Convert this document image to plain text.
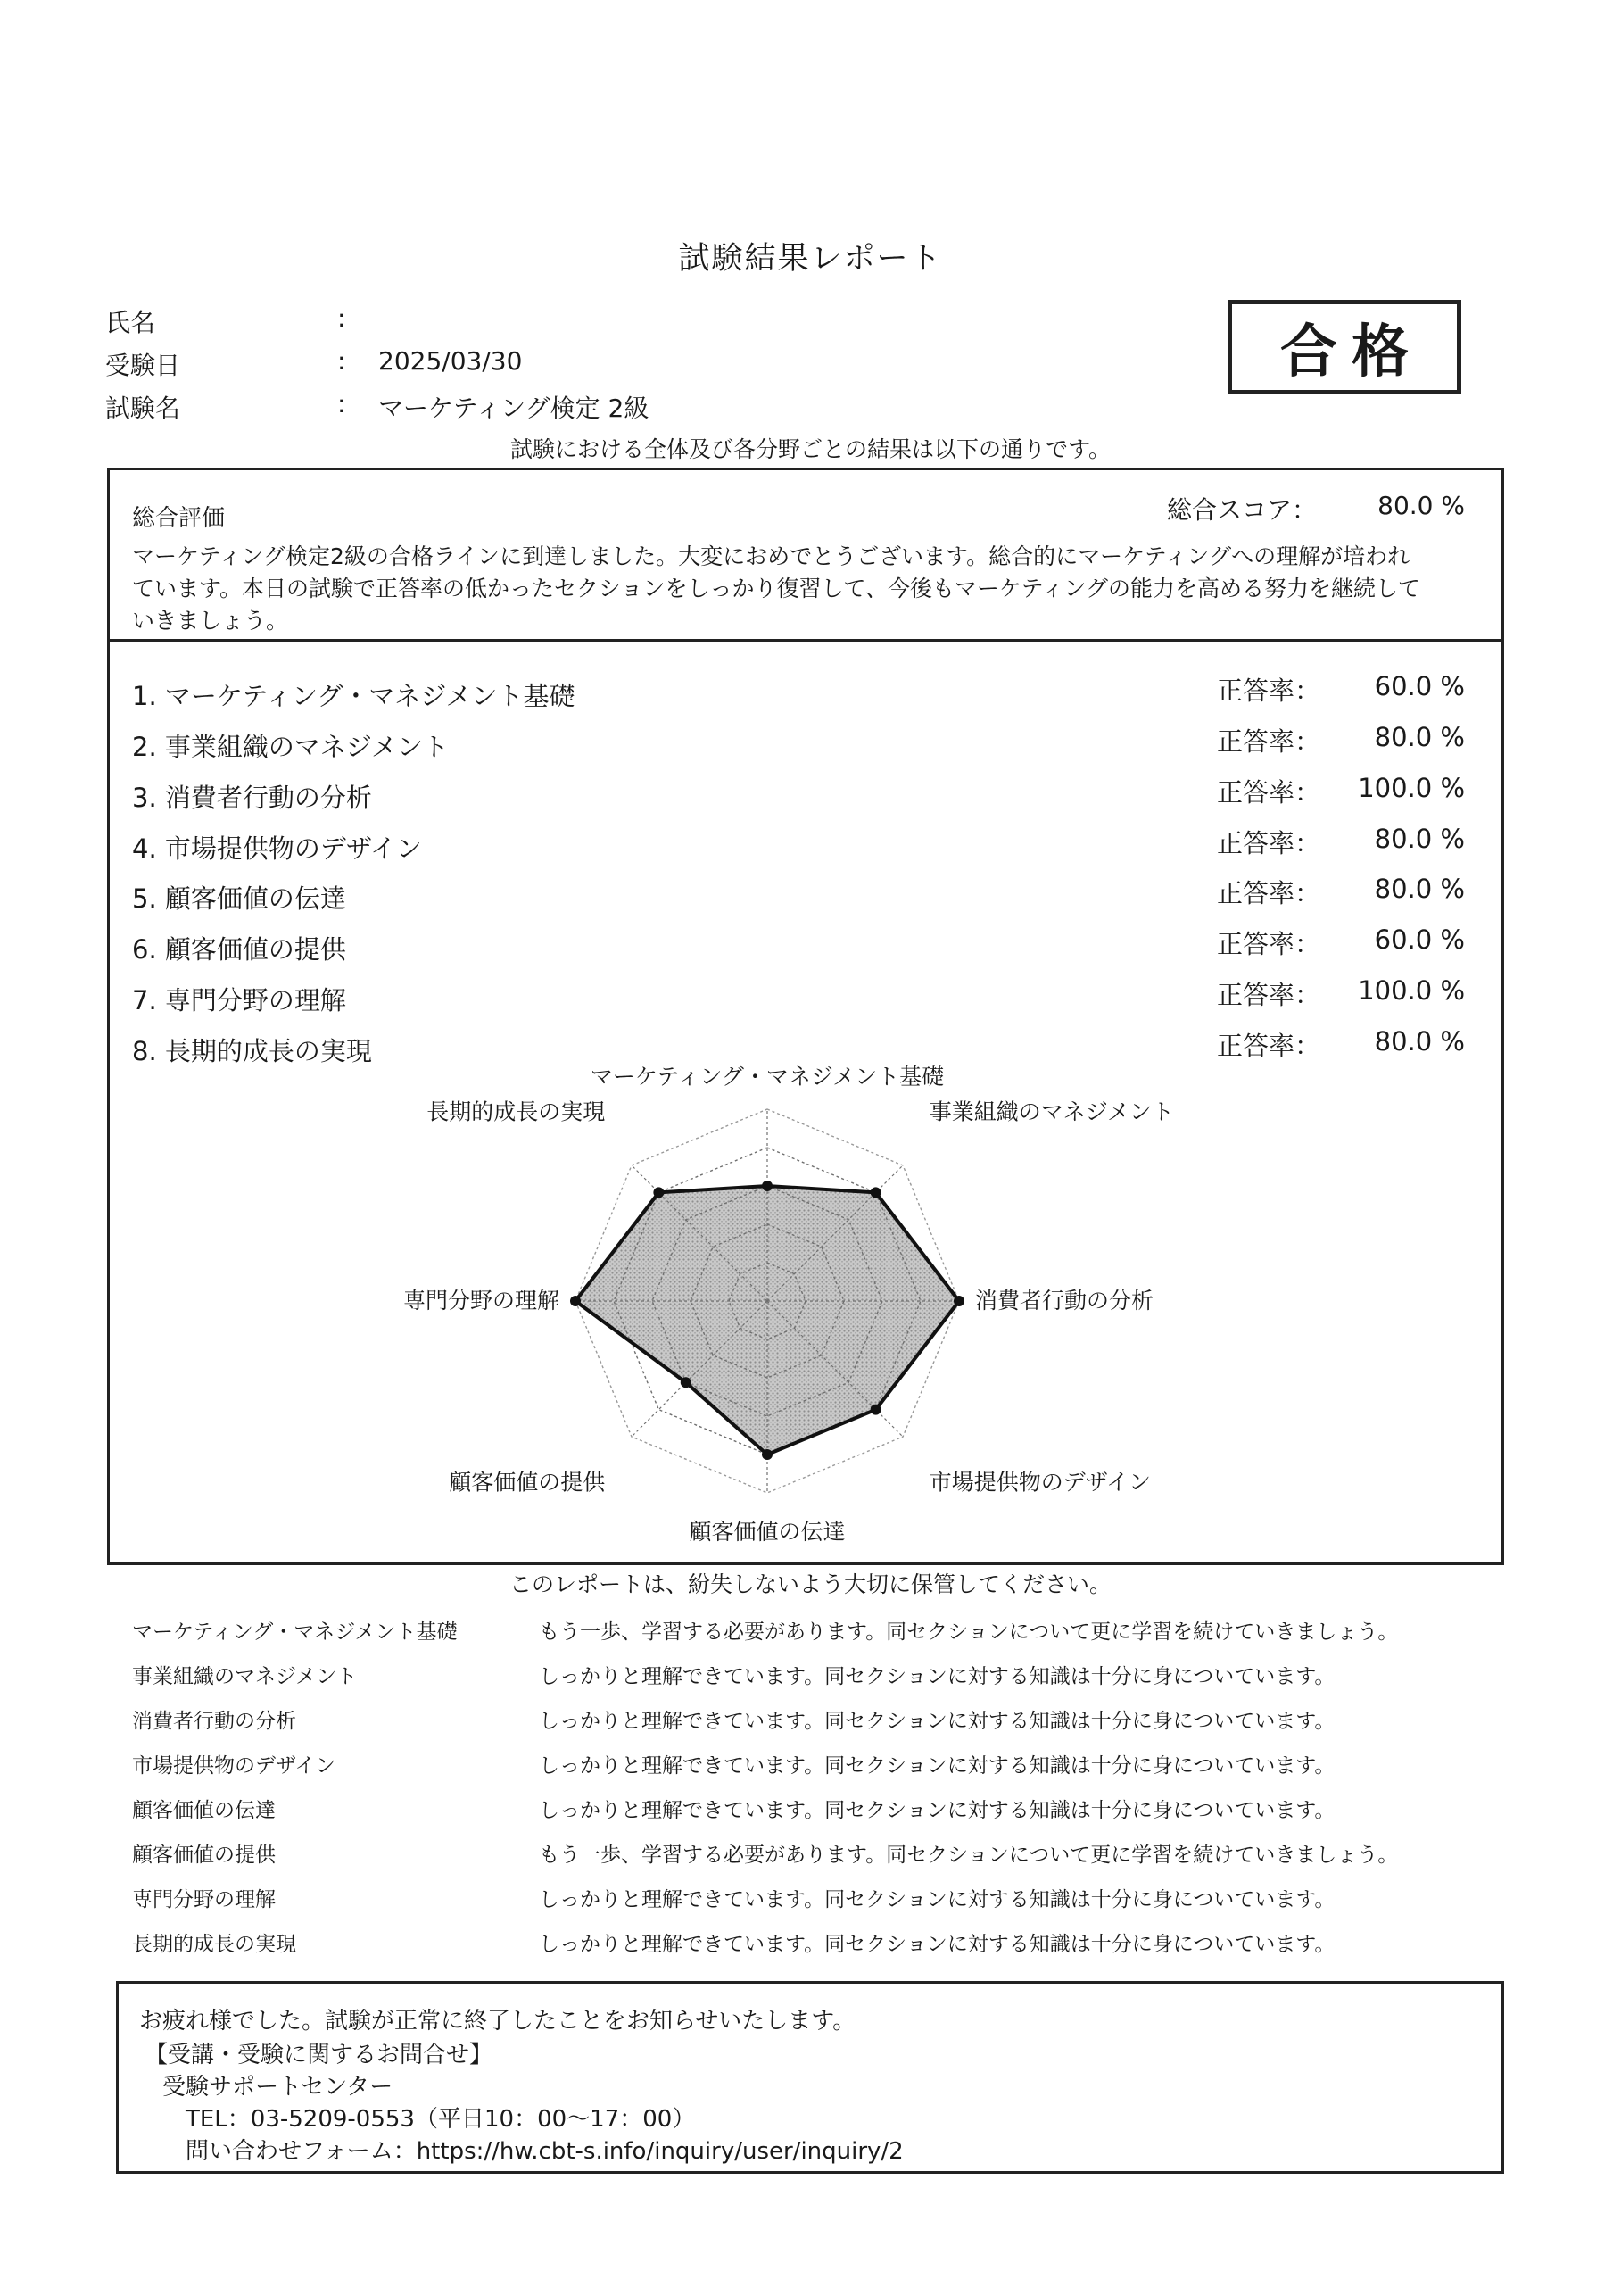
試験結果レポート
氏名	:
受験日	:	2025/03/30
試験名	:	マーケティング検定 2級
合格
試験における全体及び各分野ごとの結果は以下の通りです。
総合評価	総合スコア：	80.0 %
マーケティング検定2級の合格ラインに到達しました。大変におめでとうございます。総合的にマーケティングへの理解が培われ
ています。本日の試験で正答率の低かったセクションをしっかり復習して、今後もマーケティングの能力を高める努力を継続して
いきましょう。
1. マーケティング・マネジメント基礎	正答率：	60.0 %
2. 事業組織のマネジメント	正答率：	80.0 %
3. 消費者行動の分析	正答率： 100.0 %
4. 市場提供物のデザイン	正答率：	80.0 %
5. 顧客価値の伝達	正答率：	80.0 %
6. 顧客価値の提供	正答率：	60.0 %
7. 専門分野の理解	正答率： 100.0 %
8. 長期的成長の実現	正答率：	80.0 %
マーケティング・マネジメント基礎
事業組織のマネジメント
消費者行動の分析
市場提供物のデザイン
顧客価値の伝達
顧客価値の提供
専門分野の理解
長期的成長の実現
このレポートは、紛失しないよう大切に保管してください。
マーケティング・マネジメント基礎	もう一歩、学習する必要があります。同セクションについて更に学習を続けていきましょう。
事業組織のマネジメント	しっかりと理解できています。同セクションに対する知識は十分に身についています。
消費者行動の分析	しっかりと理解できています。同セクションに対する知識は十分に身についています。
市場提供物のデザイン	しっかりと理解できています。同セクションに対する知識は十分に身についています。
顧客価値の伝達	しっかりと理解できています。同セクションに対する知識は十分に身についています。
顧客価値の提供	もう一歩、学習する必要があります。同セクションについて更に学習を続けていきましょう。
専門分野の理解	しっかりと理解できています。同セクションに対する知識は十分に身についています。
長期的成長の実現	しっかりと理解できています。同セクションに対する知識は十分に身についています。
お疲れ様でした。試験が正常に終了したことをお知らせいたします。
【受講・受験に関するお問合せ】
受験サポートセンター
TEL：03-5209-0553（平日10：00〜17：00）
問い合わせフォーム：https://hw.cbt-s.info/inquiry/user/inquiry/2
